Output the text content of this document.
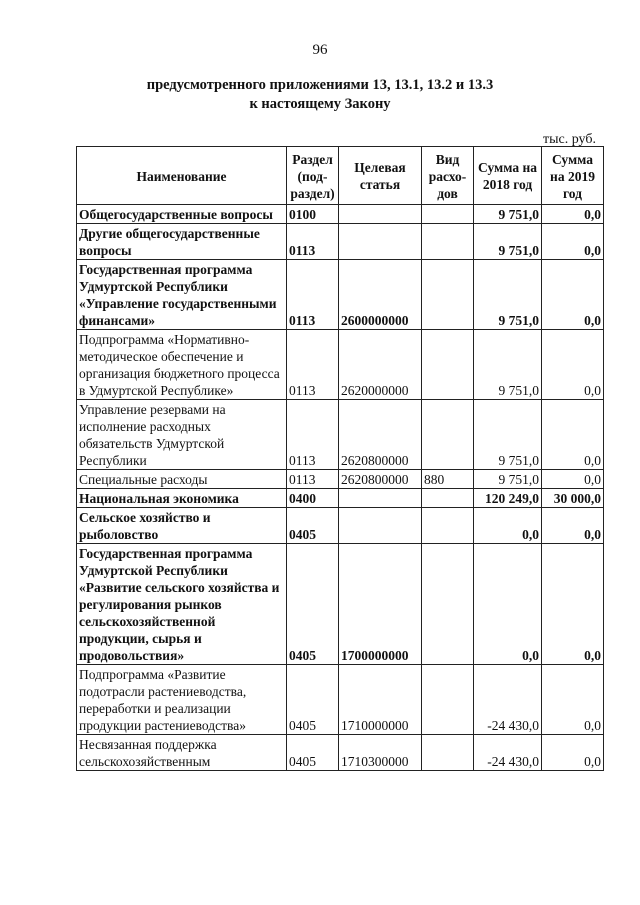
96
предусмотренного приложениями 13, 13.1, 13.2 и 13.3
к настоящему Закону
тыс. руб.
Наименование	Раздел (под-раздел)	Целевая статья	Вид расхо-дов	Сумма на 2018 год	Сумма на 2019 год
Общегосударственные вопросы	0100			9 751,0	0,0
Другие общегосударственные вопросы	0113			9 751,0	0,0
Государственная программа Удмуртской Республики «Управление государственными финансами»	0113	2600000000		9 751,0	0,0
Подпрограмма «Нормативно-методическое обеспечение и организация бюджетного процесса в Удмуртской Республике»	0113	2620000000		9 751,0	0,0
Управление резервами на исполнение расходных обязательств Удмуртской Республики	0113	2620800000		9 751,0	0,0
Специальные расходы	0113	2620800000	880	9 751,0	0,0
Национальная экономика	0400			120 249,0	30 000,0
Сельское хозяйство и рыболовство	0405			0,0	0,0
Государственная программа Удмуртской Республики «Развитие сельского хозяйства и регулирования рынков сельскохозяйственной продукции, сырья и продовольствия»	0405	1700000000		0,0	0,0
Подпрограмма «Развитие подотрасли растениеводства, переработки и реализации продукции растениеводства»	0405	1710000000		-24 430,0	0,0
Несвязанная поддержка сельскохозяйственным	0405	1710300000		-24 430,0	0,0
